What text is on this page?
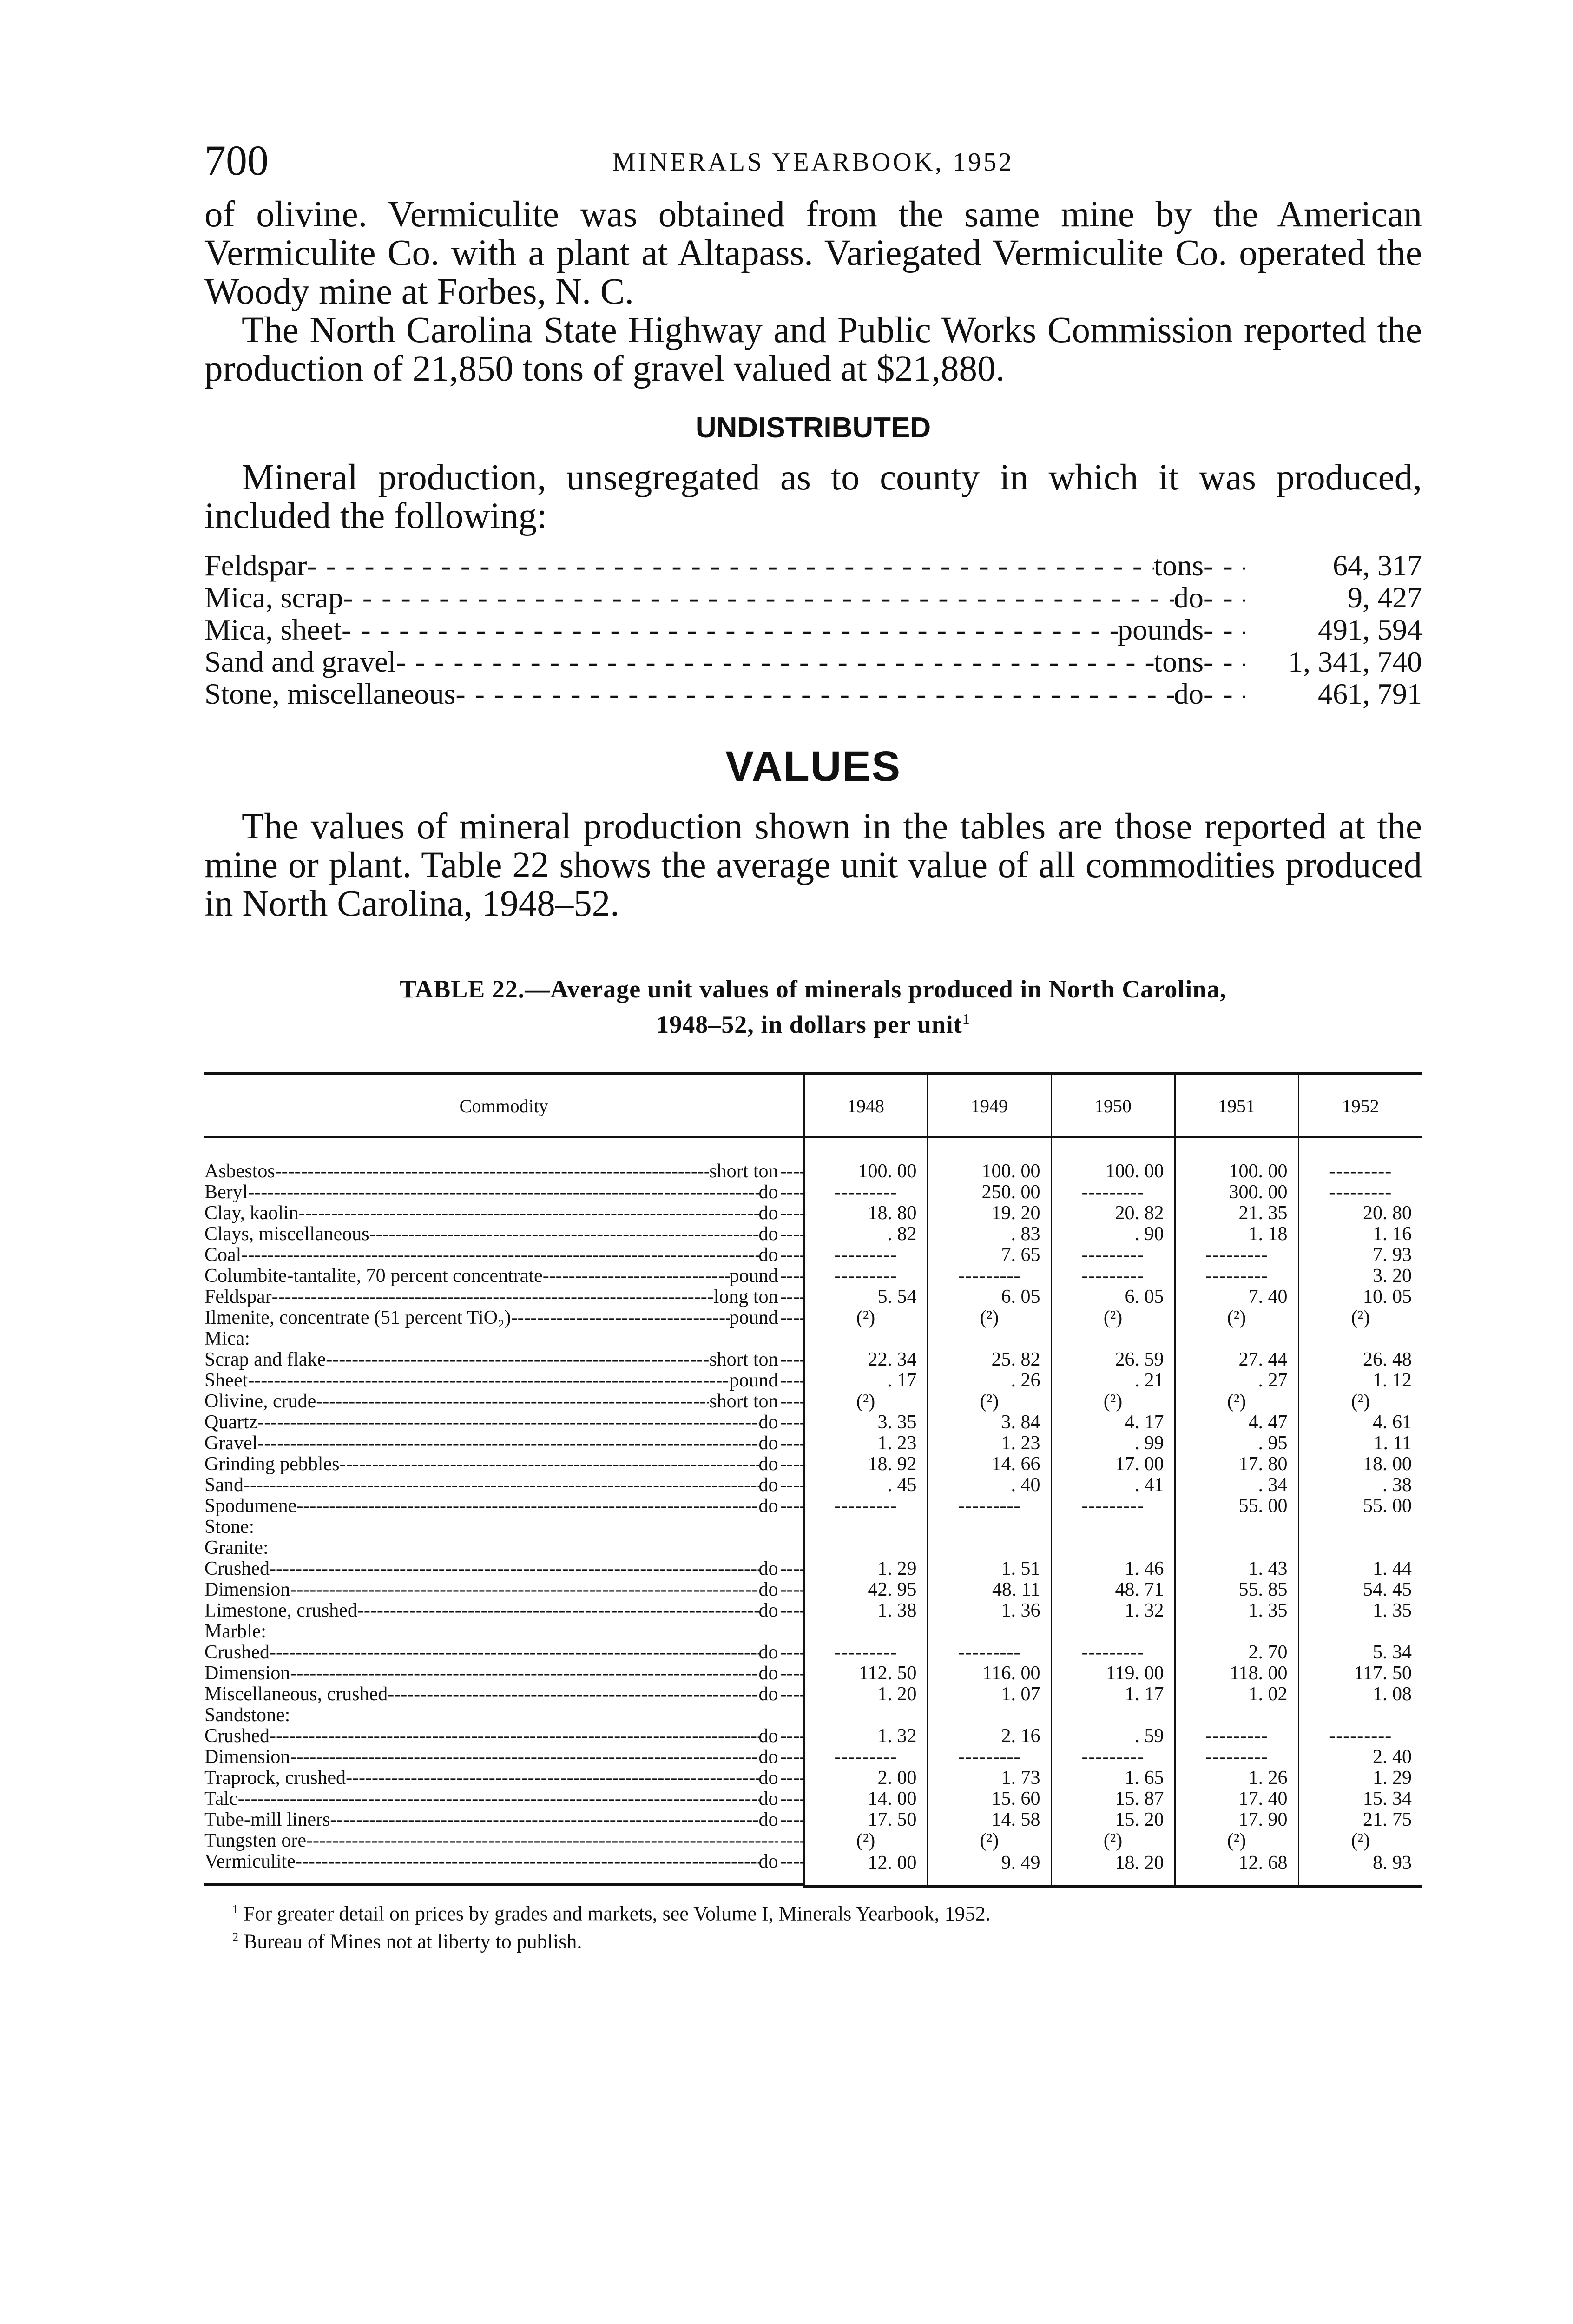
700	MINERALS YEARBOOK, 1952

of olivine. Vermiculite was obtained from the same mine by the American Vermiculite Co. with a plant at Altapass. Variegated Vermiculite Co. operated the Woody mine at Forbes, N. C.

The North Carolina State Highway and Public Works Commission reported the production of 21,850 tons of gravel valued at $21,880.

UNDISTRIBUTED

Mineral production, unsegregated as to county in which it was produced, included the following:

Feldspar - - -	tons - - -	64, 317
Mica, scrap - - -	do - - -	9, 427
Mica, sheet - - -	pounds - - -	491, 594
Sand and gravel - - -	tons - - -	1, 341, 740
Stone, miscellaneous - - -	do - - -	461, 791
VALUES

The values of mineral production shown in the tables are those reported at the mine or plant. Table 22 shows the average unit value of all commodities produced in North Carolina, 1948–52.

TABLE 22.—Average unit values of minerals produced in North Carolina,
1948–52, in dollars per unit$^1$
Commodity	1948	1949	1950	1951	1952

Asbestos -----	short ton -----	100. 00	100. 00	100. 00	100. 00	---------

Beryl -----	do -----	---------	250. 00	---------	300. 00	---------

Clay, kaolin -----	do -----	18. 80	19. 20	20. 82	21. 35	20. 80

Clays, miscellaneous -----	do -----	. 82	. 83	. 90	1. 18	1. 16

Coal -----	do -----	---------	7. 65	---------	---------	7. 93

Columbite-tantalite, 70 percent concentrate -----	pound -----	---------	---------	---------	---------	3. 20

Feldspar -----	long ton -----	5. 54	6. 05	6. 05	7. 40	10. 05

Ilmenite, concentrate (51 percent TiO₂) -----	pound -----	(²)	(²)	(²)	(²)	(²)

Mica:

Scrap and flake -----	short ton -----	22. 34	25. 82	26. 59	27. 44	26. 48

Sheet -----	pound -----	. 17	. 26	. 21	. 27	1. 12

Olivine, crude -----	short ton -----	(²)	(²)	(²)	(²)	(²)

Quartz -----	do -----	3. 35	3. 84	4. 17	4. 47	4. 61

Gravel -----	do -----	1. 23	1. 23	. 99	. 95	1. 11

Grinding pebbles -----	do -----	18. 92	14. 66	17. 00	17. 80	18. 00

Sand -----	do -----	. 45	. 40	. 41	. 34	. 38

Spodumene -----	do -----	---------	---------	---------	55. 00	55. 00

Stone:

Granite:

Crushed -----	do -----	1. 29	1. 51	1. 46	1. 43	1. 44

Dimension -----	do -----	42. 95	48. 11	48. 71	55. 85	54. 45

Limestone, crushed -----	do -----	1. 38	1. 36	1. 32	1. 35	1. 35

Marble:

Crushed -----	do -----	---------	---------	---------	2. 70	5. 34

Dimension -----	do -----	112. 50	116. 00	119. 00	118. 00	117. 50

Miscellaneous, crushed -----	do -----	1. 20	1. 07	1. 17	1. 02	1. 08

Sandstone:

Crushed -----	do -----	1. 32	2. 16	. 59	---------	---------

Dimension -----	do -----	---------	---------	---------	---------	2. 40

Traprock, crushed -----	do -----	2. 00	1. 73	1. 65	1. 26	1. 29

Talc -----	do -----	14. 00	15. 60	15. 87	17. 40	15. 34

Tube-mill liners -----	do -----	17. 50	14. 58	15. 20	17. 90	21. 75

Tungsten ore ----- -----	(²)	(²)	(²)	(²)	(²)

Vermiculite -----	do -----	12. 00	9. 49	18. 20	12. 68	8. 93
$^1$ For greater detail on prices by grades and markets, see Volume I, Minerals Yearbook, 1952.
$^2$ Bureau of Mines not at liberty to publish.
